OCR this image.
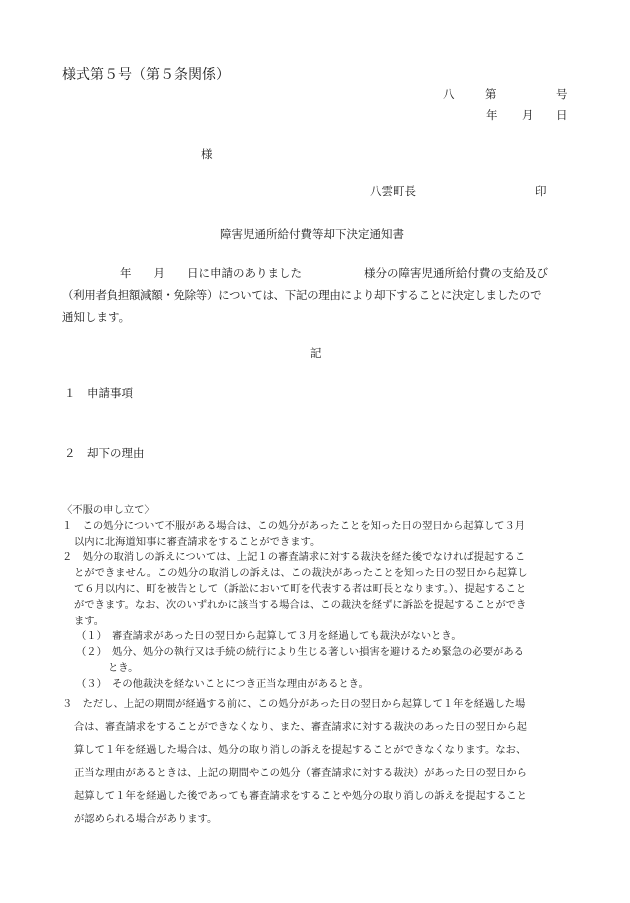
様式第５号（第５条関係）
八	第	号
年 月 日
様
八雲町長	印
障害児通所給付費等却下決定通知書
年 月 日に申請のありました	様分の障害児通所給付費の支給及び
（利用者負担額減額・免除等）については、下記の理由により却下することに決定しましたので
通知します。
記
１　申請事項
２　却下の理由
〈不服の申し立て〉
１　この処分について不服がある場合は、この処分があったことを知った日の翌日から起算して３月
以内に北海道知事に審査請求をすることができます。
２　処分の取消しの訴えについては、上記１の審査請求に対する裁決を経た後でなければ提起するこ
とができません。この処分の取消しの訴えは、この裁決があったことを知った日の翌日から起算し
て６月以内に、町を被告として（訴訟において町を代表する者は町長となります。）、提起すること
ができます。なお、次のいずれかに該当する場合は、この裁決を経ずに訴訟を提起することができ
ます。
（１）　審査請求があった日の翌日から起算して３月を経過しても裁決がないとき。
（２）　処分、処分の執行又は手続の続行により生じる著しい損害を避けるため緊急の必要がある
とき。
（３）　その他裁決を経ないことにつき正当な理由があるとき。
３　ただし、上記の期間が経過する前に、この処分があった日の翌日から起算して１年を経過した場
合は、審査請求をすることができなくなり、また、審査請求に対する裁決のあった日の翌日から起
算して１年を経過した場合は、処分の取り消しの訴えを提起することができなくなります。なお、
正当な理由があるときは、上記の期間やこの処分（審査請求に対する裁決）があった日の翌日から
起算して１年を経過した後であっても審査請求をすることや処分の取り消しの訴えを提起すること
が認められる場合があります。
